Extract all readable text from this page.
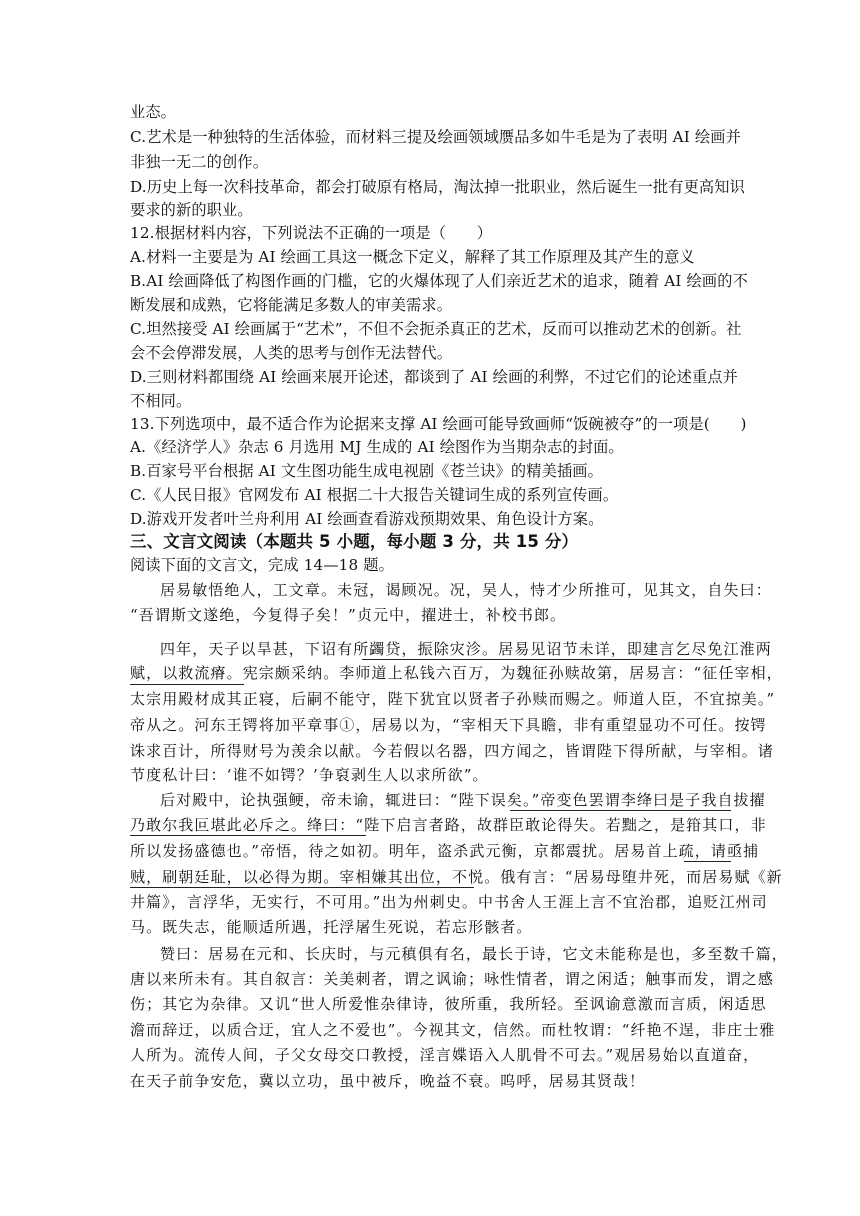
业态。
C.艺术是一种独特的生活体验，而材料三提及绘画领域赝品多如牛毛是为了表明 AI 绘画并
非独一无二的创作。
D.历史上每一次科技革命，都会打破原有格局，淘汰掉一批职业，然后诞生一批有更高知识
要求的新的职业。
12.根据材料内容，下列说法不正确的一项是（　　）
A.材料一主要是为 AI 绘画工具这一概念下定义，解释了其工作原理及其产生的意义
B.AI 绘画降低了构图作画的门槛，它的火爆体现了人们亲近艺术的追求，随着 AI 绘画的不
断发展和成熟，它将能满足多数人的审美需求。
C.坦然接受 AI 绘画属于“艺术”，不但不会扼杀真正的艺术，反而可以推动艺术的创新。社
会不会停滞发展，人类的思考与创作无法替代。
D.三则材料都围绕 AI 绘画来展开论述，都谈到了 AI 绘画的利弊，不过它们的论述重点并
不相同。
13.下列选项中，最不适合作为论据来支撑 AI 绘画可能导致画师“饭碗被夺”的一项是(　　)
A.《经济学人》杂志 6 月选用 MJ 生成的 AI 绘图作为当期杂志的封面。
B.百家号平台根据 AI 文生图功能生成电视剧《苍兰诀》的精美插画。
C.《人民日报》官网发布 AI 根据二十大报告关键词生成的系列宣传画。
D.游戏开发者叶兰舟利用 AI 绘画查看游戏预期效果、角色设计方案。
三、文言文阅读（本题共 5 小题，每小题 3 分，共 15 分）
阅读下面的文言文，完成 14—18 题。
居易敏悟绝人，工文章。未冠，谒顾况。况，吴人，恃才少所推可，见其文，自失曰：
“吾谓斯文遂绝，今复得子矣！”贞元中，擢进士，补校书郎。
四年，天子以旱甚，下诏有所蠲贷，振除灾沴。居易见诏节未详，即建言乞尽免江淮两
赋，以救流瘠。宪宗颇采纳。李师道上私钱六百万，为魏征孙赎故第，居易言：“征任宰相，
太宗用殿材成其正寝，后嗣不能守，陛下犹宜以贤者子孙赎而赐之。师道人臣，不宜掠美。”
帝从之。河东王锷将加平章事①，居易以为，“宰相天下具瞻，非有重望显功不可任。按锷
诛求百计，所得财号为羡余以献。今若假以名器，四方闻之，皆谓陛下得所献，与宰相。诸
节度私计曰：‘谁不如锷？’争裒剥生人以求所欲”。
后对殿中，论执强鲠，帝未谕，辄进曰：“陛下误矣。”帝变色罢谓李绛曰是子我自拔擢
乃敢尔我叵堪此必斥之。绛曰：“陛下启言者路，故群臣敢论得失。若黜之，是箝其口，非
所以发扬盛德也。”帝悟，待之如初。明年，盗杀武元衡，京都震扰。居易首上疏，请亟捕
贼，刷朝廷耻，以必得为期。宰相嫌其出位，不悦。俄有言：“居易母堕井死，而居易赋《新
井篇》，言浮华，无实行，不可用。”出为州刺史。中书舍人王涯上言不宜治郡，追贬江州司
马。既失志，能顺适所遇，托浮屠生死说，若忘形骸者。
赞曰：居易在元和、长庆时，与元稹俱有名，最长于诗，它文未能称是也，多至数千篇，
唐以来所未有。其自叙言：关美刺者，谓之讽谕；咏性情者，谓之闲适；触事而发，谓之感
伤；其它为杂律。又讥“世人所爱惟杂律诗，彼所重，我所轻。至讽谕意激而言质，闲适思
澹而辞迂，以质合迂，宜人之不爱也”。今视其文，信然。而杜牧谓：“纤艳不逞，非庄士雅
人所为。流传人间，子父女母交口教授，淫言媟语入人肌骨不可去。”观居易始以直道奋，
在天子前争安危，冀以立功，虽中被斥，晚益不衰。呜呼，居易其贤哉！
